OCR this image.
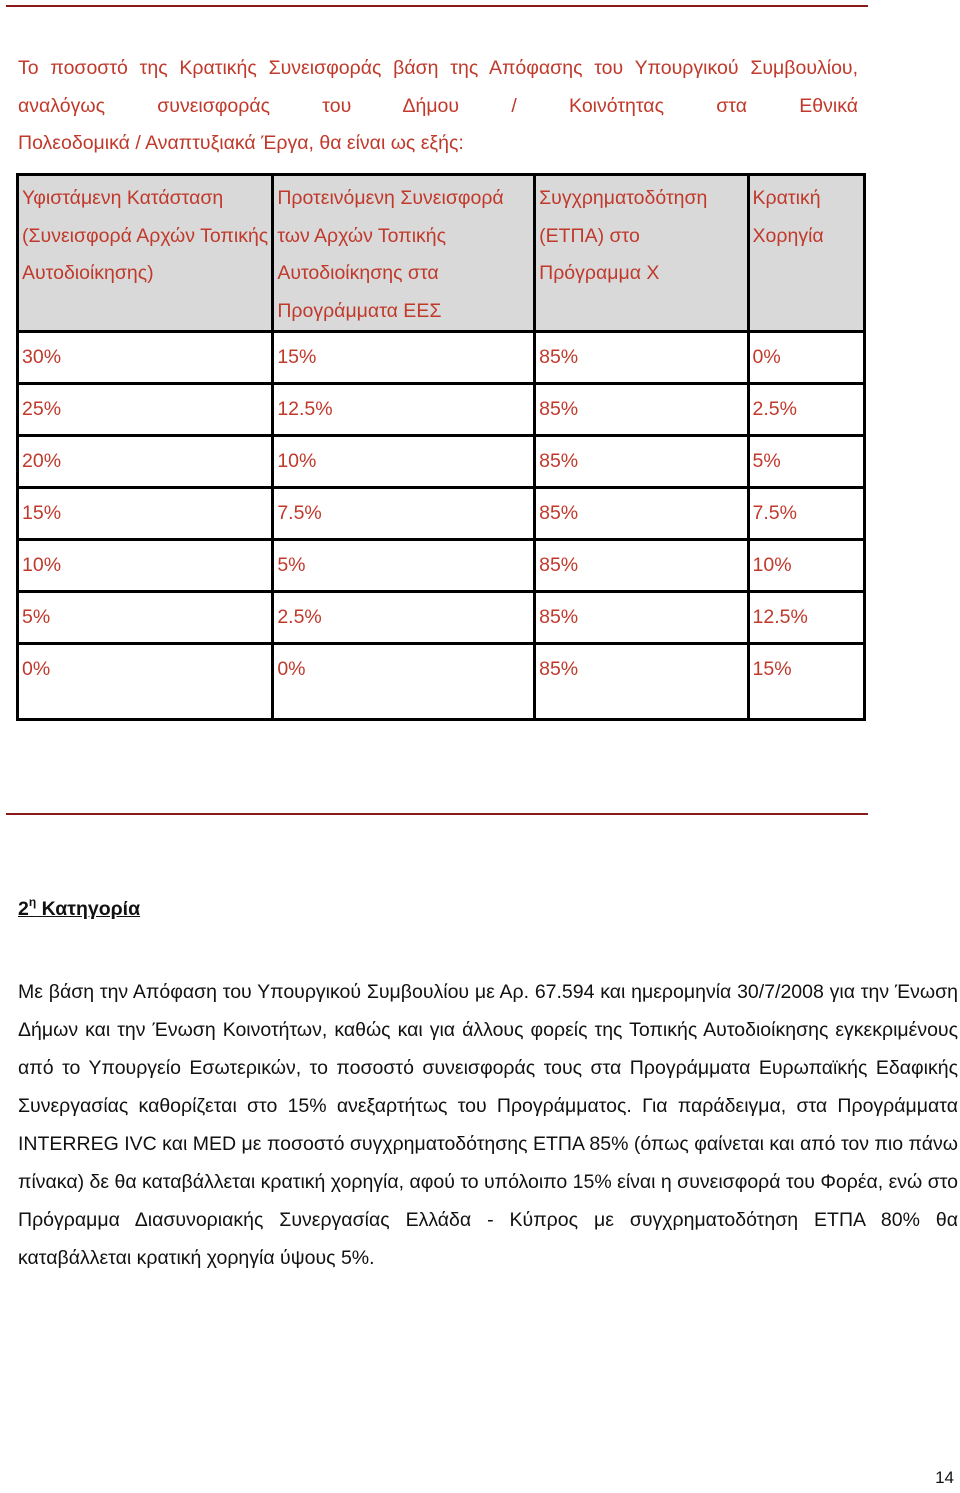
Το ποσοστό της Κρατικής Συνεισφοράς βάση της Απόφασης του Υπουργικού Συμβουλίου, αναλόγως συνεισφοράς του Δήμου / Κοινότητας στα Εθνικά
Πολεοδομικά / Αναπτυξιακά Έργα, θα είναι ως εξής:

Υφιστάμενη Κατάσταση (Συνεισφορά Αρχών Τοπικής Αυτοδιοίκησης)	Προτεινόμενη Συνεισφορά των Αρχών Τοπικής Αυτοδιοίκησης στα Προγράμματα ΕΕΣ	Συγχρηματοδότηση (ΕΤΠΑ) στο Πρόγραμμα Χ	Κρατική Χορηγία
30%	15%	85%	0%
25%	12.5%	85%	2.5%
20%	10%	85%	5%
15%	7.5%	85%	7.5%
10%	5%	85%	10%
5%	2.5%	85%	12.5%
0%	0%	85%	15%

$2^\eta$ Κατηγορία

Με βάση την Απόφαση του Υπουργικού Συμβουλίου με Αρ. 67.594 και ημερομηνία 30/7/2008 για την Ένωση Δήμων και την Ένωση Κοινοτήτων, καθώς και για άλλους φορείς της Τοπικής Αυτοδιοίκησης εγκεκριμένους από το Υπουργείο Εσωτερικών, το ποσοστό συνεισφοράς τους στα Προγράμματα Ευρωπαϊκής Εδαφικής Συνεργασίας καθορίζεται στο 15% ανεξαρτήτως του Προγράμματος. Για παράδειγμα, στα Προγράμματα INTERREG IVC και MED με ποσοστό συγχρηματοδότησης ΕΤΠΑ 85% (όπως φαίνεται και από τον πιο πάνω πίνακα) δε θα καταβάλλεται κρατική χορηγία, αφού το υπόλοιπο 15% είναι η συνεισφορά του Φορέα, ενώ στο Πρόγραμμα Διασυνοριακής Συνεργασίας Ελλάδα - Κύπρος με συγχρηματοδότηση ΕΤΠΑ 80% θα καταβάλλεται κρατική χορηγία ύψους 5%.

14
